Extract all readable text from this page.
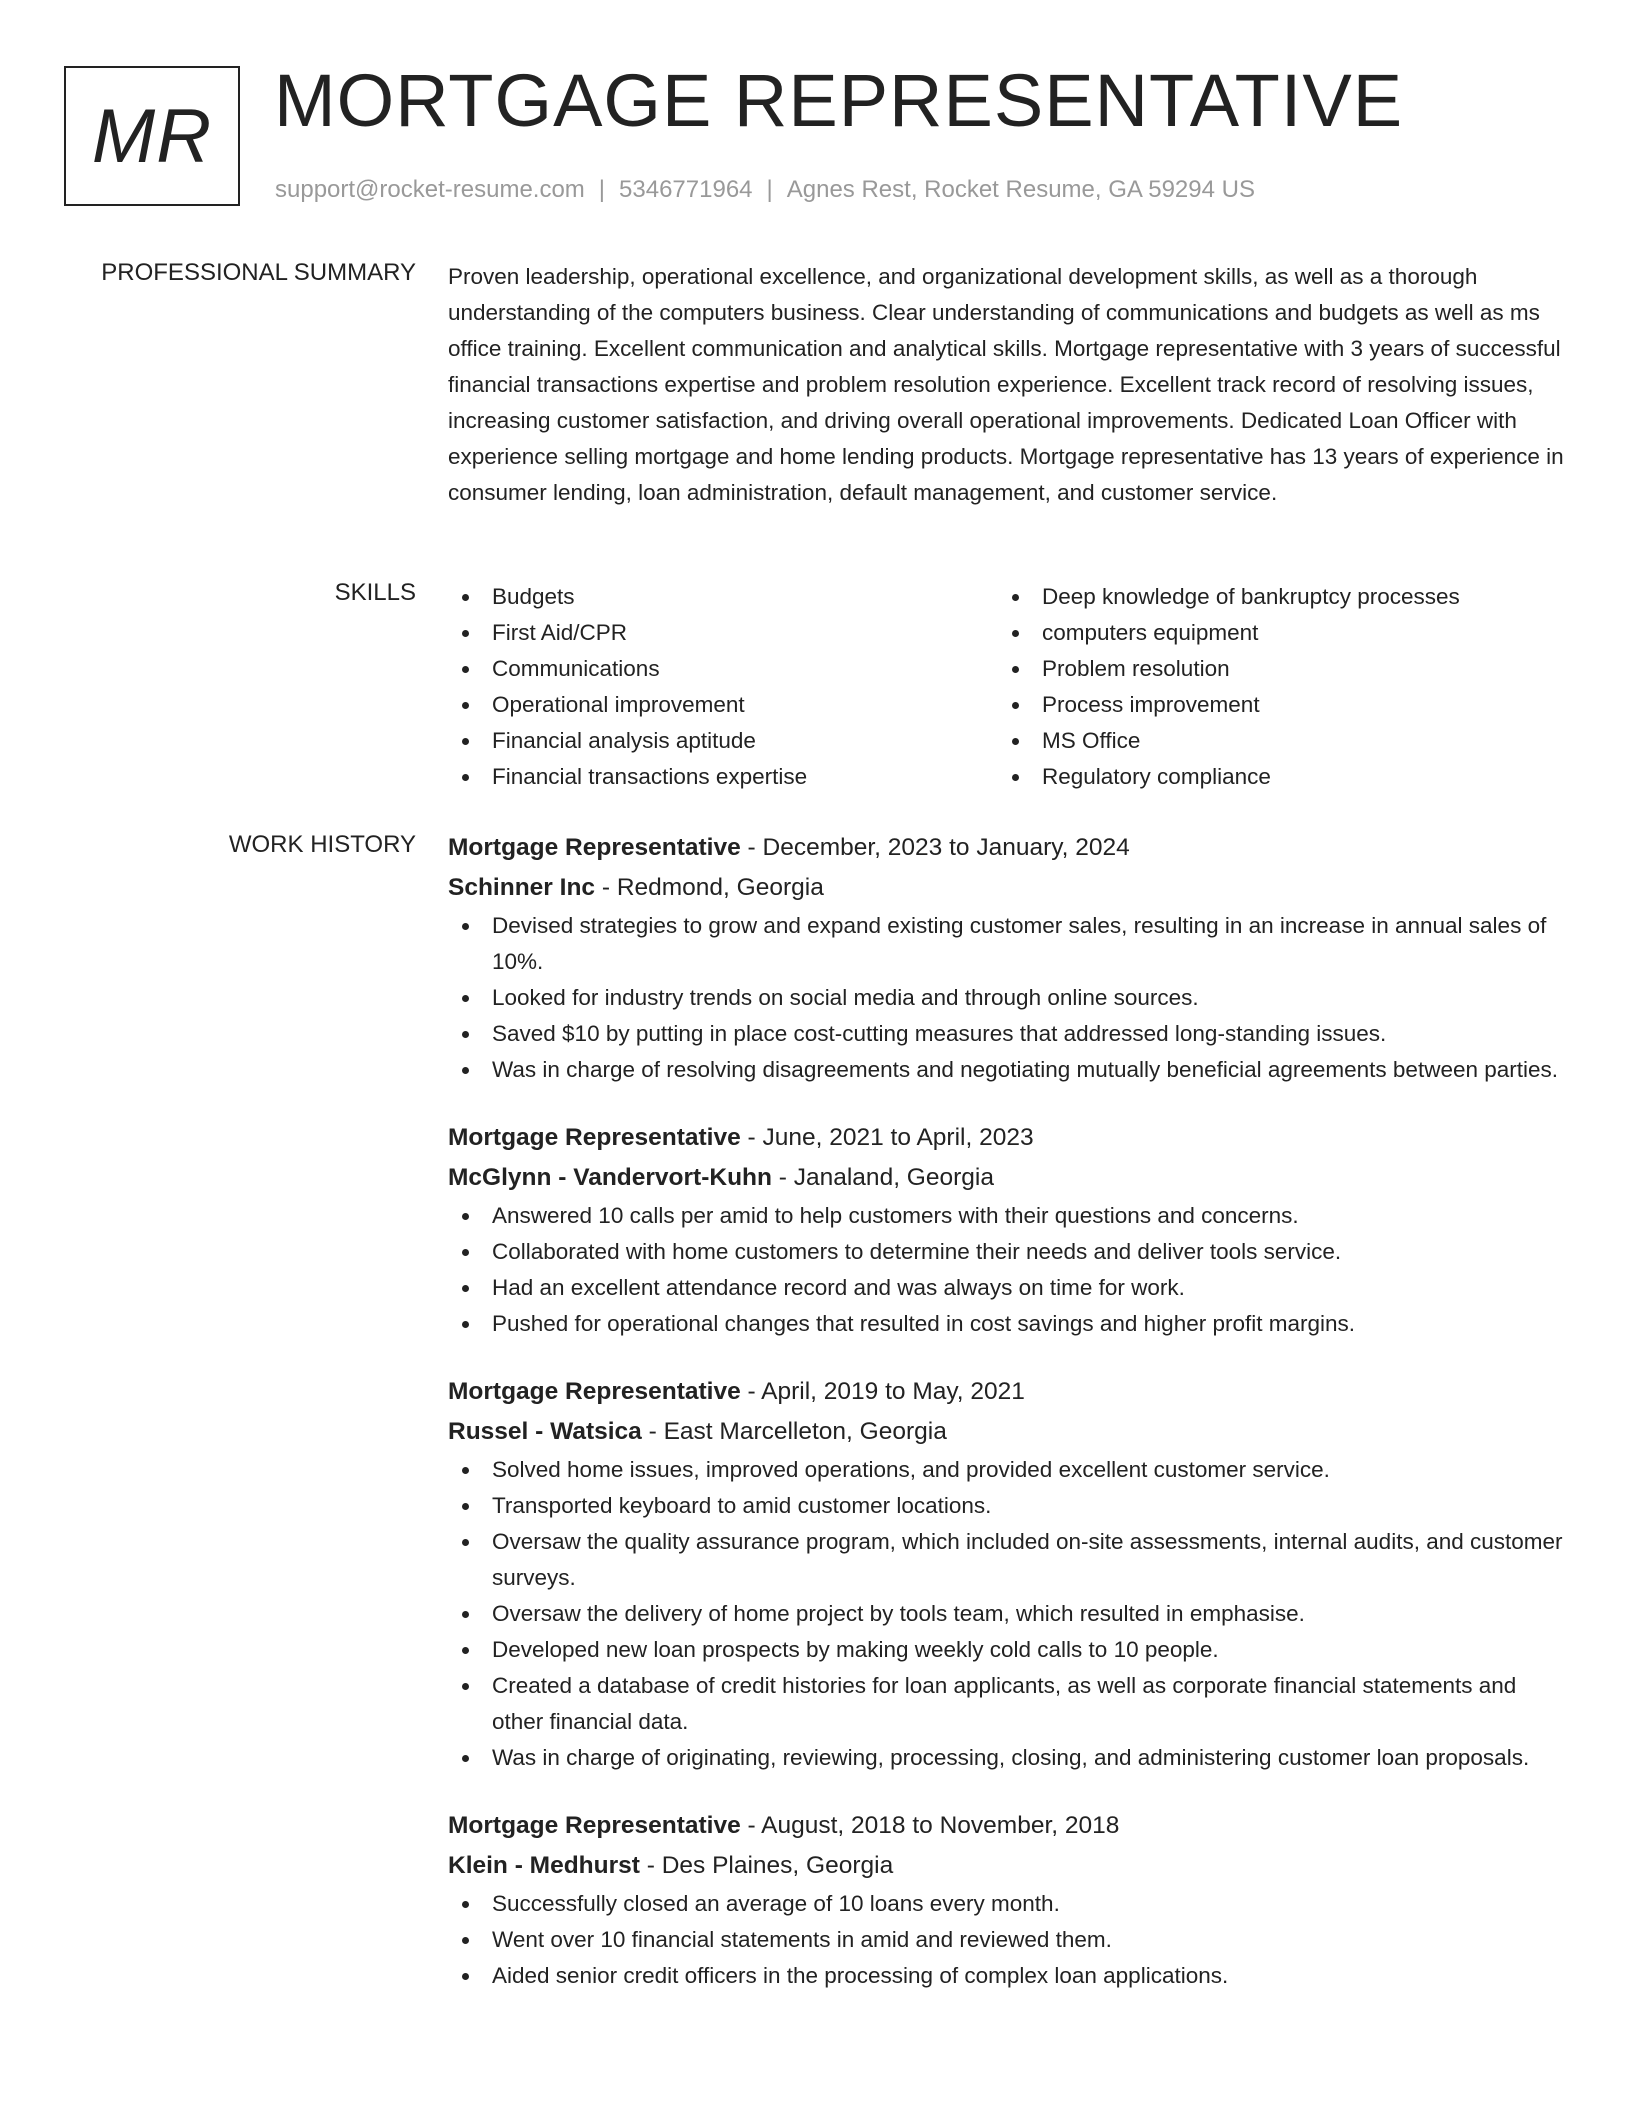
MR MORTGAGE REPRESENTATIVE
support@rocket-resume.com | 5346771964 | Agnes Rest, Rocket Resume, GA 59294 US
PROFESSIONAL SUMMARY Proven leadership, operational excellence, and organizational development skills, as well as a thorough understanding of the computers business. Clear understanding of communications and budgets as well as ms office training. Excellent communication and analytical skills. Mortgage representative with 3 years of successful financial transactions expertise and problem resolution experience. Excellent track record of resolving issues, increasing customer satisfaction, and driving overall operational improvements. Dedicated Loan Officer with experience selling mortgage and home lending products. Mortgage representative has 13 years of experience in consumer lending, loan administration, default management, and customer service.

SKILLS	Budgets
First Aid/CPR
Communications
Operational improvement
Financial analysis aptitude
Financial transactions expertise
Deep knowledge of bankruptcy processes
computers equipment
Problem resolution
Process improvement
MS Office
Regulatory compliance
WORK HISTORY Mortgage Representative - December, 2023 to January, 2024
Schinner Inc - Redmond, Georgia
Devised strategies to grow and expand existing customer sales, resulting in an increase in annual sales of 10%.
Looked for industry trends on social media and through online sources.
Saved $10 by putting in place cost-cutting measures that addressed long-standing issues.
Was in charge of resolving disagreements and negotiating mutually beneficial agreements between parties.
Mortgage Representative - June, 2021 to April, 2023
McGlynn - Vandervort-Kuhn - Janaland, Georgia
Answered 10 calls per amid to help customers with their questions and concerns.
Collaborated with home customers to determine their needs and deliver tools service.
Had an excellent attendance record and was always on time for work.
Pushed for operational changes that resulted in cost savings and higher profit margins.
Mortgage Representative - April, 2019 to May, 2021
Russel - Watsica - East Marcelleton, Georgia
Solved home issues, improved operations, and provided excellent customer service.
Transported keyboard to amid customer locations.
Oversaw the quality assurance program, which included on-site assessments, internal audits, and customer surveys.
Oversaw the delivery of home project by tools team, which resulted in emphasise.
Developed new loan prospects by making weekly cold calls to 10 people.
Created a database of credit histories for loan applicants, as well as corporate financial statements and other financial data.
Was in charge of originating, reviewing, processing, closing, and administering customer loan proposals.
Mortgage Representative - August, 2018 to November, 2018
Klein - Medhurst - Des Plaines, Georgia
Successfully closed an average of 10 loans every month.
Went over 10 financial statements in amid and reviewed them.
Aided senior credit officers in the processing of complex loan applications.
